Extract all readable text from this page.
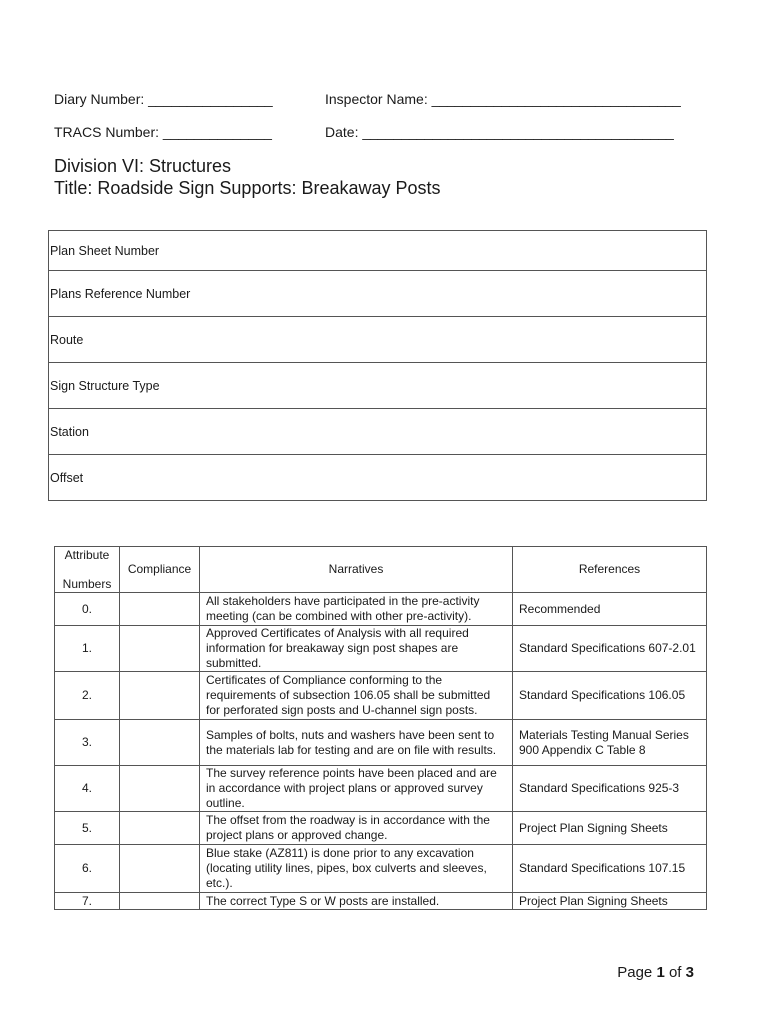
Diary Number: ________________	Inspector Name: ________________________________
TRACS Number: ______________	Date: ________________________________________
Division VI: Structures
Title: Roadside Sign Supports: Breakaway Posts
Plan Sheet Number
Plans Reference Number
Route
Sign Structure Type
Station
Offset
Attribute
Numbers	Compliance	Narratives	References
0.		All stakeholders have participated in the pre-activity meeting (can be combined with other pre-activity).	Recommended
1.		Approved Certificates of Analysis with all required information for breakaway sign post shapes are submitted.	Standard Specifications 607-2.01
2.		Certificates of Compliance conforming to the requirements of subsection 106.05 shall be submitted for perforated sign posts and U-channel sign posts.	Standard Specifications 106.05
3.		Samples of bolts, nuts and washers have been sent to the materials lab for testing and are on file with results.	Materials Testing Manual Series 900 Appendix C Table 8
4.		The survey reference points have been placed and are in accordance with project plans or approved survey outline.	Standard Specifications 925-3
5.		The offset from the roadway is in accordance with the project plans or approved change.	Project Plan Signing Sheets
6.		Blue stake (AZ811) is done prior to any excavation (locating utility lines, pipes, box culverts and sleeves, etc.).	Standard Specifications 107.15
7.		The correct Type S or W posts are installed.	Project Plan Signing Sheets
Page 1 of 3
